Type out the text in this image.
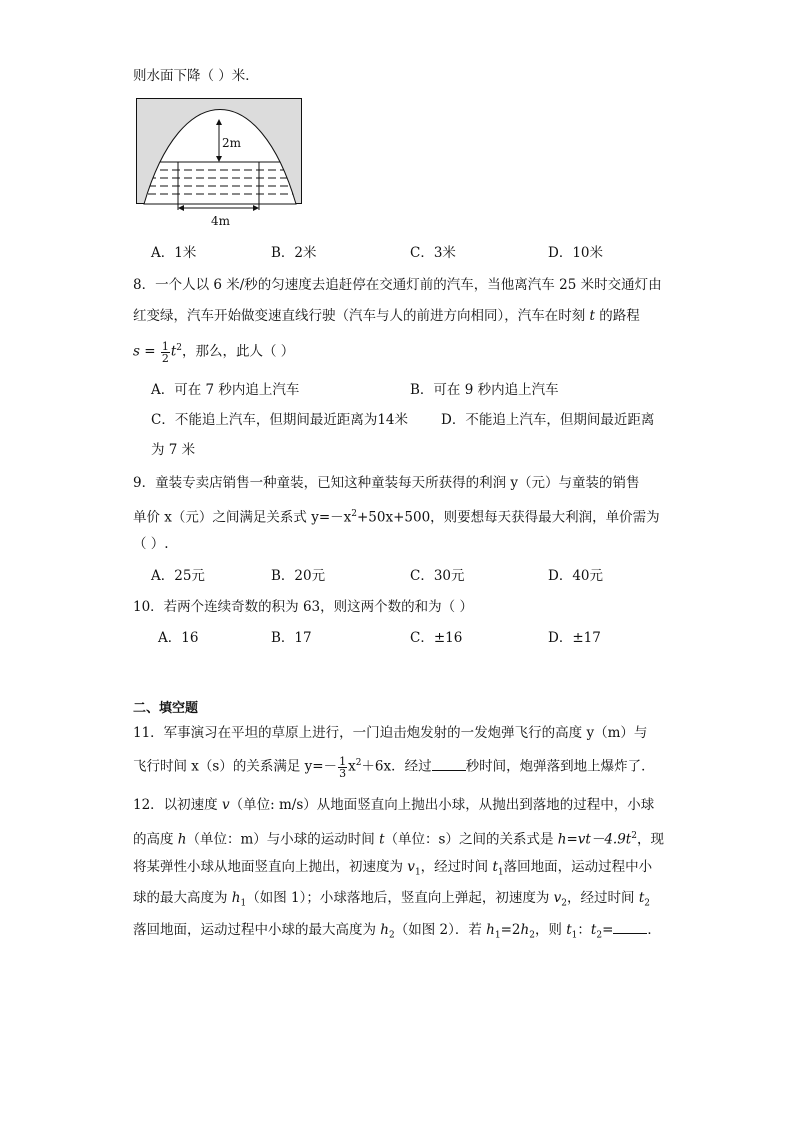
则水面下降（ ）米．
2m
4m
A．1米	B．2米	C．3米	D．10米
8．一个人以 6 米/秒的匀速度去追赶停在交通灯前的汽车，当他离汽车 25 米时交通灯由
红变绿，汽车开始做变速直线行驶（汽车与人的前进方向相同），汽车在时刻 t 的路程
$s = \frac{1}{2} t^2$，那么，此人（ ）
A．可在 7 秒内追上汽车	B．可在 9 秒内追上汽车
C．不能追上汽车，但期间最近距离为14米 D．不能追上汽车，但期间最近距离
为 7 米
9．童装专卖店销售一种童装，已知这种童装每天所获得的利润 y（元）与童装的销售
单价 x（元）之间满足关系式 $y=-x^2+50x+500$，则要想每天获得最大利润，单价需为
（ ）.
A．25元	B．20元	C．30元	D．40元
10．若两个连续奇数的积为 63，则这两个数的和为（ ）
A．16	B．17	C．±16	D．±17
二、填空题
11．军事演习在平坦的草原上进行，一门迫击炮发射的一发炮弹飞行的高度 y（m）与
飞行时间 x（s）的关系满足 $y=- \frac{1}{3} x^2+6x$．经过	秒时间，炮弹落到地上爆炸了．
12．以初速度 v（单位: m/s）从地面竖直向上抛出小球，从抛出到落地的过程中，小球
的高度 h（单位：m）与小球的运动时间 t（单位：s）之间的关系式是 $h=vt-4.9t^2$，现
将某弹性小球从地面竖直向上抛出，初速度为 $v_1$，经过时间 $t_1$落回地面，运动过程中小
球的最大高度为 $h_1$（如图 1）；小球落地后，竖直向上弹起，初速度为 $v_2$，经过时间 $t_2$
落回地面，运动过程中小球的最大高度为 $h_2$（如图 2）．若 $h_1=2h_2$，则 $t_1$：$t_2=$	．
